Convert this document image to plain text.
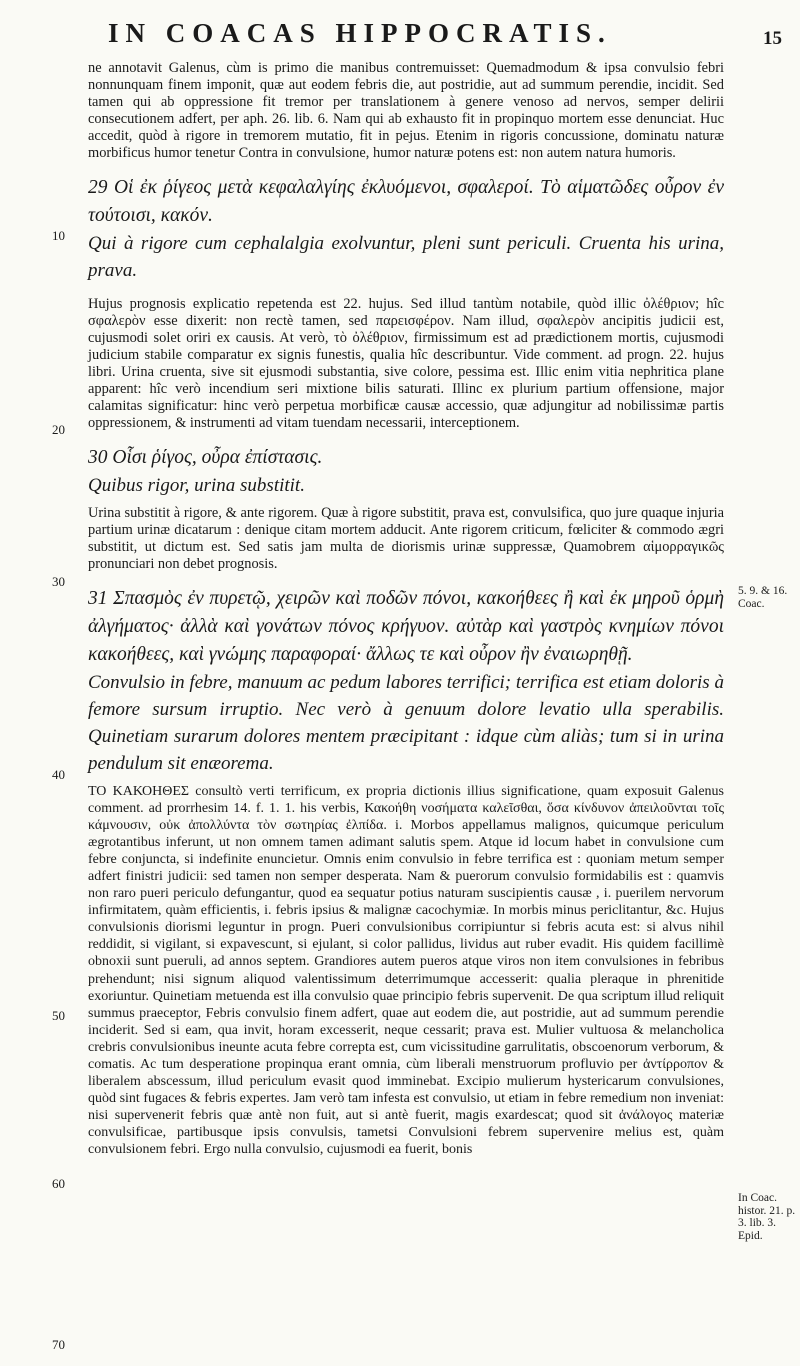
IN COACAS HIPPOCRATIS.	15
10
20
30
40
50
60
70
5. 9. & 16. Coac.
In Coac. histor. 21. p. 3. lib. 3. Epid.

ne annotavit Galenus, cùm is primo die manibus contremuisset: Quemadmodum & ipsa convulsio febri nonnunquam finem imponit, quæ aut eodem febris die, aut postridie, aut ad summum perendie, incidit. Sed tamen qui ab oppressione fit tremor per translationem à genere venoso ad nervos, semper delirii consecutionem adfert, per aph. 26. lib. 6. Nam qui ab exhausto fit in propinquo mortem esse denunciat. Huc accedit, quòd à rigore in tremorem mutatio, fit in pejus. Etenim in rigoris concussione, dominatu naturæ morbificus humor tenetur Contra in convulsione, humor naturæ potens est: non autem natura humoris.

29 Οἱ ἐκ ῥίγεος μετὰ κεφαλαλγίης ἐκλυόμενοι, σφαλεροί. Τὸ αἱματῶδες οὖρον ἐν τούτοισι, κακόν.

Qui à rigore cum cephalalgia exolvuntur, pleni sunt periculi. Cruenta his urina, prava.

Hujus prognosis explicatio repetenda est 22. hujus. Sed illud tantùm notabile, quòd illic ὀλέθριον; hîc σφαλερὸν esse dixerit: non rectè tamen, sed παρεισφέρον. Nam illud, σφαλερὸν ancipitis judicii est, cujusmodi solet oriri ex causis. At verò, τὸ ὀλέθριον, firmissimum est ad prædictionem mortis, cujusmodi judicium stabile comparatur ex signis funestis, qualia hîc describuntur. Vide comment. ad progn. 22. hujus libri. Urina cruenta, sive sit ejusmodi substantia, sive colore, pessima est. Illic enim vitia nephritica plane apparent: hîc verò incendium seri mixtione bilis saturati. Illinc ex plurium partium offensione, major calamitas significatur: hinc verò perpetua morbificæ causæ accessio, quæ adjungitur ad nobilissimæ partis oppressionem, & instrumenti ad vitam tuendam necessarii, interceptionem.

30 Οἷσι ῥίγος, οὖρα ἐπίστασις.

Quibus rigor, urina substitit.

Urina substitit à rigore, & ante rigorem. Quæ à rigore substitit, prava est, convulsifica, quo jure quaque injuria partium urinæ dicatarum : denique citam mortem adducit. Ante rigorem criticum, fœliciter & commodo ægri substitit, ut dictum est. Sed satis jam multa de diorismis urinæ suppressæ, Quamobrem αἱμορραγικῶς pronunciari non debet prognosis.

31 Σπασμὸς ἐν πυρετῷ, χειρῶν καὶ ποδῶν πόνοι, κακοήθεες ἢ καὶ ἐκ μηροῦ ὁρμὴ ἀλγήματος· ἀλλὰ καὶ γονάτων πόνος κρήγυον. αὐτὰρ καὶ γαστρὸς κνημίων πόνοι κακοήθεες, καὶ γνώμης παραφοραί· ἄλλως τε καὶ οὖρον ἢν ἐναιωρηθῇ.

Convulsio in febre, manuum ac pedum labores terrifici; terrifica est etiam doloris à femore sursum irruptio. Nec verò à genuum dolore levatio ulla sperabilis. Quinetiam surarum dolores mentem præcipitant : idque cùm aliàs; tum si in urina pendulum sit enæorema.

TO ΚΑΚΟΗΘΕΣ consultò verti terrificum, ex propria dictionis illius significatione, quam exposuit Galenus comment. ad prorrhesim 14. f. 1. 1. his verbis, Κακοήθη νοσήματα καλεῖσθαι, ὅσα κίνδυνον ἀπειλοῦνται τοῖς κάμνουσιν, οὐκ ἀπολλύντα τὸν σωτηρίας ἐλπίδα. i. Morbos appellamus malignos, quicumque periculum ægrotantibus inferunt, ut non omnem tamen adimant salutis spem. Atque id locum habet in convulsione cum febre conjuncta, si indefinite enuncietur. Omnis enim convulsio in febre terrifica est : quoniam metum semper adfert finistri judicii: sed tamen non semper desperata. Nam & puerorum convulsio formidabilis est : quamvis non raro pueri periculo defungantur, quod ea sequatur potius naturam suscipientis causæ , i. puerilem nervorum infirmitatem, quàm efficientis, i. febris ipsius & malignæ cacochymiæ. In morbis minus periclitantur, &c. Hujus convulsionis diorismi leguntur in progn. Pueri convulsionibus corripiuntur si febris acuta est: si alvus nihil reddidit, si vigilant, si expavescunt, si ejulant, si color pallidus, lividus aut ruber evadit. His quidem facillimè obnoxii sunt pueruli, ad annos septem. Grandiores autem pueros atque viros non item convulsiones in febribus prehendunt; nisi signum aliquod valentissimum deterrimumque accesserit: qualia pleraque in phrenitide exoriuntur. Quinetiam metuenda est illa convulsio quae principio febris supervenit. De qua scriptum illud reliquit summus praeceptor, Febris convulsio finem adfert, quae aut eodem die, aut postridie, aut ad summum perendie inciderit. Sed si eam, qua invit, horam excesserit, neque cessarit; prava est. Mulier vultuosa & melancholica crebris convulsionibus ineunte acuta febre correpta est, cum vicissitudine garrulitatis, obscoenorum verborum, & comatis. Ac tum desperatione propinqua erant omnia, cùm liberali menstruorum profluvio per ἀντίρροπον & liberalem abscessum, illud periculum evasit quod imminebat. Excipio mulierum hystericarum convulsiones, quòd sint fugaces & febris expertes. Jam verò tam infesta est convulsio, ut etiam in febre remedium non inveniat: nisi supervenerit febris quæ antè non fuit, aut si antè fuerit, magis exardescat; quod sit ἀνάλογος materiæ convulsificae, partibusque ipsis convulsis, tametsi Convulsioni febrem supervenire melius est, quàm convulsionem febri. Ergo nulla convulsio, cujusmodi ea fuerit, bonis
